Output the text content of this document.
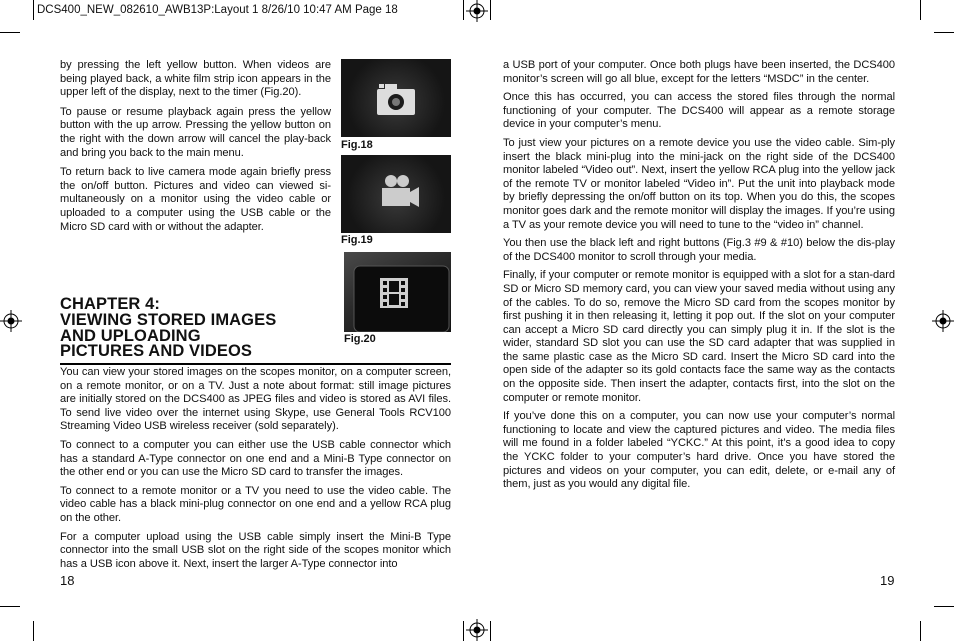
DCS400_NEW_082610_AWB13P:Layout 1 8/26/10 10:47 AM Page 18

by pressing the left yellow button. When videos are being played back, a white film strip icon appears in the upper left of the display, next to the timer (Fig.20).

To pause or resume playback again press the yellow button with the up arrow. Pressing the yellow button on the right with the down arrow will cancel the play-back and bring you back to the main menu.

To return back to live camera mode again briefly press the on/off button. Pictures and video can viewed si-multaneously on a monitor using the video cable or uploaded to a computer using the USB cable or the Micro SD card with or without the adapter.

Fig.18
Fig.19
Fig.20
CHAPTER 4:
VIEWING STORED IMAGES
AND UPLOADING
PICTURES AND VIDEOS

You can view your stored images on the scopes monitor, on a computer screen, on a remote monitor, or on a TV. Just a note about format: still image pictures are initially stored on the DCS400 as JPEG files and video is stored as AVI files. To send live video over the internet using Skype, use General Tools RCV100 Streaming Video USB wireless receiver (sold separately).

To connect to a computer you can either use the USB cable connector which has a standard A-Type connector on one end and a Mini-B Type connector on the other end or you can use the Micro SD card to transfer the images.

To connect to a remote monitor or a TV you need to use the video cable. The video cable has a black mini-plug connector on one end and a yellow RCA plug on the other.

For a computer upload using the USB cable simply insert the Mini-B Type connector into the small USB slot on the right side of the scopes monitor which has a USB icon above it. Next, insert the larger A-Type connector into

a USB port of your computer. Once both plugs have been inserted, the DCS400 monitor’s screen will go all blue, except for the letters “MSDC” in the center.

Once this has occurred, you can access the stored files through the normal functioning of your computer. The DCS400 will appear as a remote storage device in your computer’s menu.

To just view your pictures on a remote device you use the video cable. Sim-ply insert the black mini-plug into the mini-jack on the right side of the DCS400 monitor labeled “Video out”. Next, insert the yellow RCA plug into the yellow jack of the remote TV or monitor labeled “Video in”. Put the unit into playback mode by briefly depressing the on/off button on its top. When you do this, the scopes monitor goes dark and the remote monitor will display the images. If you’re using a TV as your remote device you will need to tune to the “video in” channel.

You then use the black left and right buttons (Fig.3 #9 & #10) below the dis-play of the DCS400 monitor to scroll through your media.

Finally, if your computer or remote monitor is equipped with a slot for a stan-dard SD or Micro SD memory card, you can view your saved media without using any of the cables. To do so, remove the Micro SD card from the scopes monitor by first pushing it in then releasing it, letting it pop out. If the slot on your computer can accept a Micro SD card directly you can simply plug it in. If the slot is the wider, standard SD slot you can use the SD card adapter that was supplied in the same plastic case as the Micro SD card. Insert the Micro SD card into the open side of the adapter so its gold contacts face the same way as the contacts on the opposite side. Then insert the adapter, contacts first, into the slot on the computer or remote monitor.

If you’ve done this on a computer, you can now use your computer’s normal functioning to locate and view the captured pictures and video. The media files will me found in a folder labeled “YCKC.” At this point, it’s a good idea to copy the YCKC folder to your computer’s hard drive. Once you have stored the pictures and videos on your computer, you can edit, delete, or e-mail any of them, just as you would any digital file.

18	19
